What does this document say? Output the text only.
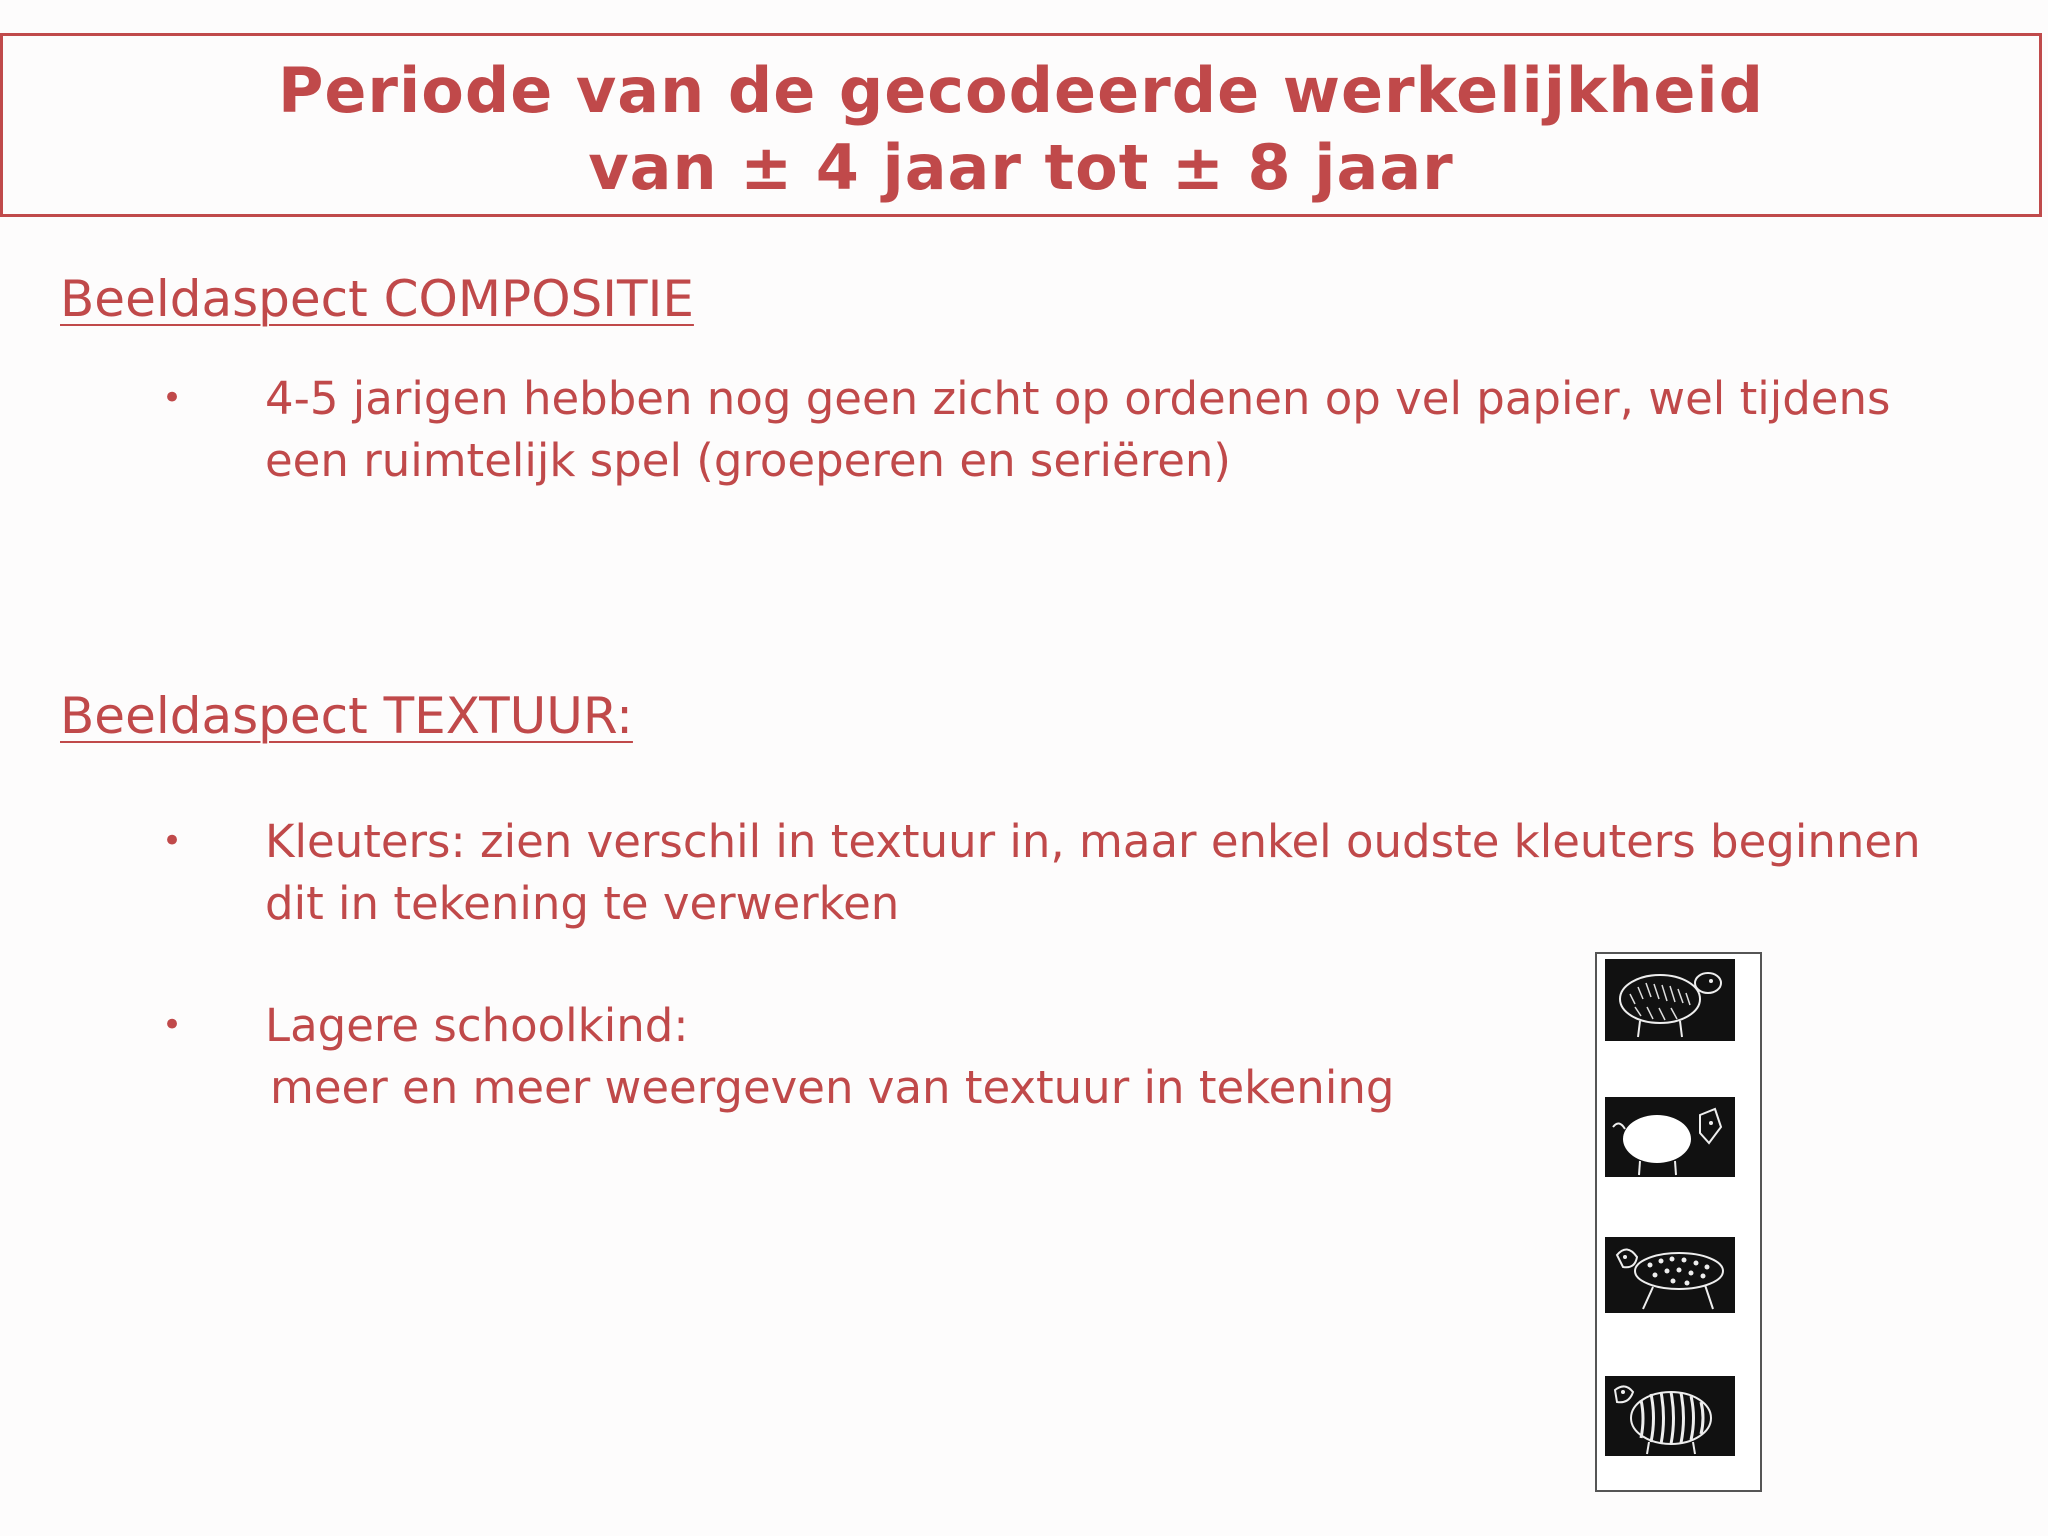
Periode van de gecodeerde werkelijkheid
van ± 4 jaar tot ± 8 jaar
Beeldaspect COMPOSITIE
• 4-5 jarigen hebben nog geen zicht op ordenen op vel papier, wel tijdens
een ruimtelijk spel (groeperen en seriëren)
Beeldaspect TEXTUUR:
• Kleuters: zien verschil in textuur in, maar enkel oudste kleuters beginnen
dit in tekening te verwerken
• Lagere schoolkind:
meer en meer weergeven van textuur in tekening
